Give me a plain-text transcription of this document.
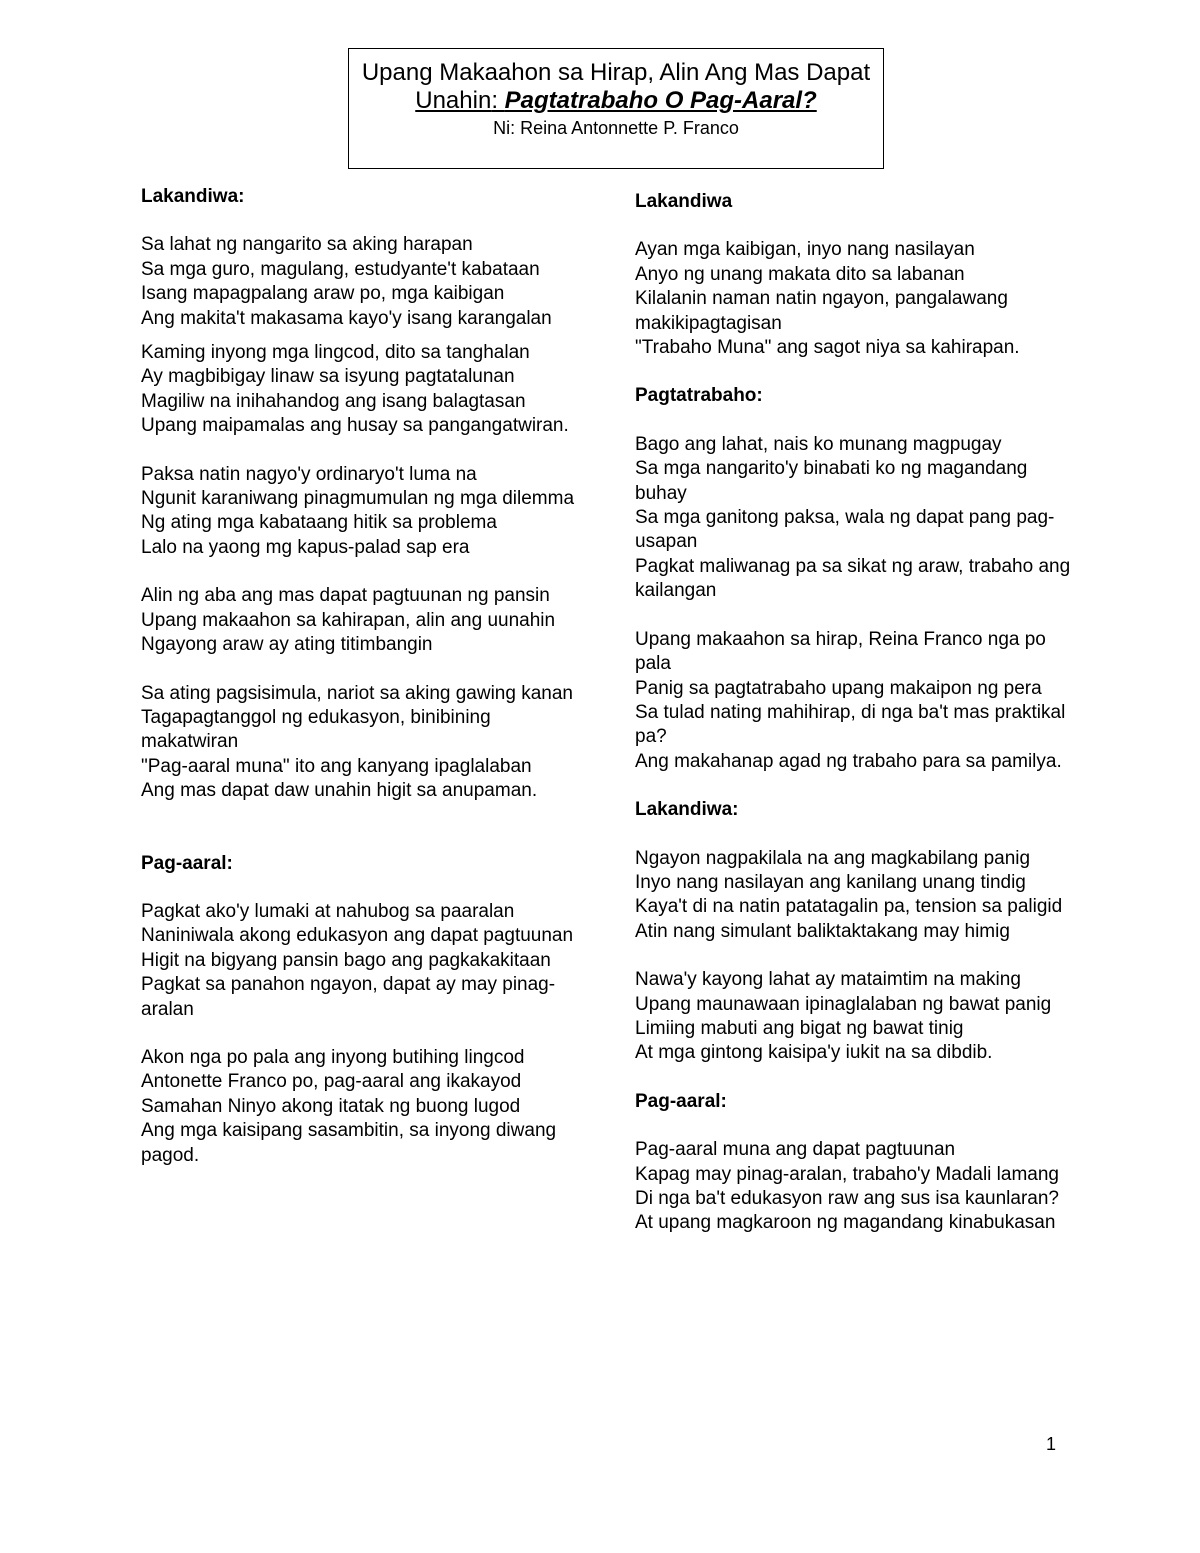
Upang Makaahon sa Hirap, Alin Ang Mas Dapat
Unahin: Pagtatrabaho O Pag-Aaral?
Ni: Reina Antonnette P. Franco
Lakandiwa:
Sa lahat ng nangarito sa aking harapan
Sa mga guro, magulang, estudyante't kabataan
Isang mapagpalang araw po, mga kaibigan
Ang makita't makasama kayo'y isang karangalan
Kaming inyong mga lingcod, dito sa tanghalan
Ay magbibigay linaw sa isyung pagtatalunan
Magiliw na inihahandog ang isang balagtasan
Upang maipamalas ang husay sa pangangatwiran.
Paksa natin nagyo'y ordinaryo't luma na
Ngunit karaniwang pinagmumulan ng mga dilemma
Ng ating mga kabataang hitik sa problema
Lalo na yaong mg kapus-palad sap era
Alin ng aba ang mas dapat pagtuunan ng pansin
Upang makaahon sa kahirapan, alin ang uunahin
Ngayong araw ay ating titimbangin
Sa ating pagsisimula, nariot sa aking gawing kanan
Tagapagtanggol ng edukasyon, binibining makatwiran
"Pag-aaral muna" ito ang kanyang ipaglalaban
Ang mas dapat daw unahin higit sa anupaman.
Pag-aaral:
Pagkat ako'y lumaki at nahubog sa paaralan
Naniniwala akong edukasyon ang dapat pagtuunan
Higit na bigyang pansin bago ang pagkakakitaan
Pagkat sa panahon ngayon, dapat ay may pinag-aralan
Akon nga po pala ang inyong butihing lingcod
Antonette Franco po, pag-aaral ang ikakayod
Samahan Ninyo akong itatak ng buong lugod
Ang mga kaisipang sasambitin, sa inyong diwang pagod.
Lakandiwa
Ayan mga kaibigan, inyo nang nasilayan
Anyo ng unang makata dito sa labanan
Kilalanin naman natin ngayon, pangalawang makikipagtagisan
"Trabaho Muna" ang sagot niya sa kahirapan.
Pagtatrabaho:
Bago ang lahat, nais ko munang magpugay
Sa mga nangarito'y binabati ko ng magandang buhay
Sa mga ganitong paksa, wala ng dapat pang pag-usapan
Pagkat maliwanag pa sa sikat ng araw, trabaho ang kailangan
Upang makaahon sa hirap, Reina Franco nga po pala
Panig sa pagtatrabaho upang makaipon ng pera
Sa tulad nating mahihirap, di nga ba't mas praktikal pa?
Ang makahanap agad ng trabaho para sa pamilya.
Lakandiwa:
Ngayon nagpakilala na ang magkabilang panig
Inyo nang nasilayan ang kanilang unang tindig
Kaya't di na natin patatagalin pa, tension sa paligid
Atin nang simulant baliktaktakang may himig
Nawa'y kayong lahat ay mataimtim na making
Upang maunawaan ipinaglalaban ng bawat panig
Limiing mabuti ang bigat ng bawat tinig
At mga gintong kaisipa'y iukit na sa dibdib.
Pag-aaral:
Pag-aaral muna ang dapat pagtuunan
Kapag may pinag-aralan, trabaho'y Madali lamang
Di nga ba't edukasyon raw ang sus isa kaunlaran?
At upang magkaroon ng magandang kinabukasan
1
